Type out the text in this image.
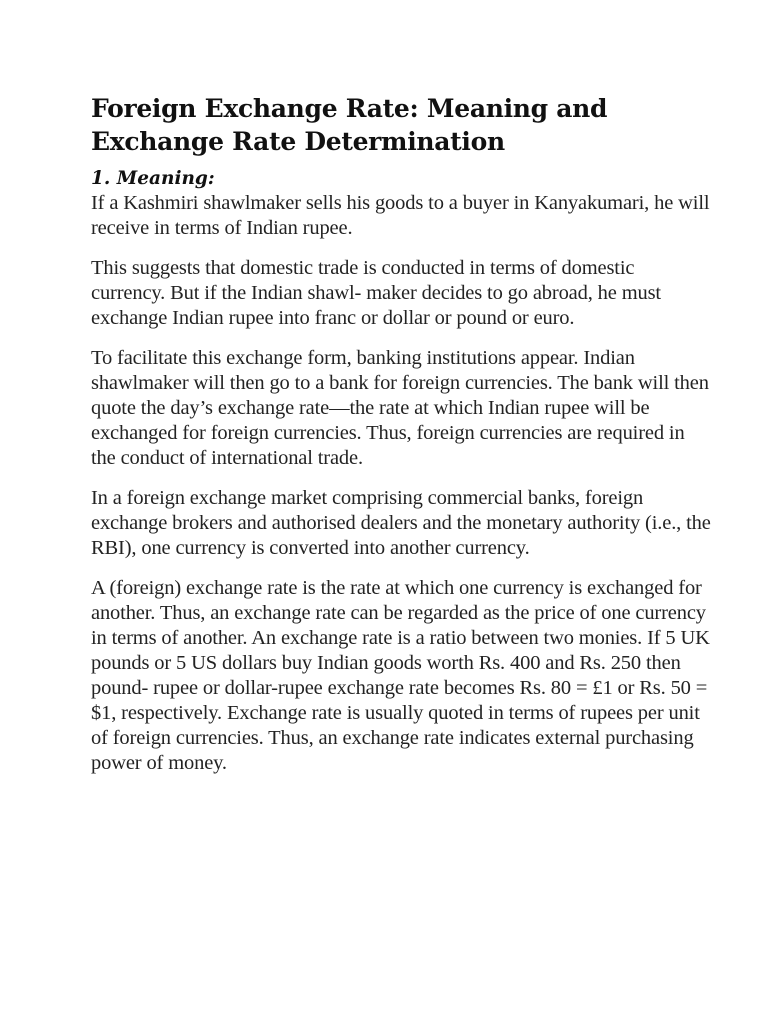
Foreign Exchange Rate: Meaning and Exchange Rate Determination
1. Meaning:

If a Kashmiri shawlmaker sells his goods to a buyer in Kanyakumari, he will receive in terms of Indian rupee.

This suggests that domestic trade is conducted in terms of domestic currency. But if the Indian shawl- maker decides to go abroad, he must exchange Indian rupee into franc or dollar or pound or euro.

To facilitate this exchange form, banking institutions appear. Indian shawlmaker will then go to a bank for foreign currencies. The bank will then quote the day’s exchange rate—the rate at which Indian rupee will be exchanged for foreign currencies. Thus, foreign currencies are required in the conduct of international trade.

In a foreign exchange market comprising commercial banks, foreign exchange brokers and authorised dealers and the monetary authority (i.e., the RBI), one currency is converted into another currency.

A (foreign) exchange rate is the rate at which one currency is exchanged for another. Thus, an exchange rate can be regarded as the price of one currency in terms of another. An exchange rate is a ratio between two monies. If 5 UK pounds or 5 US dollars buy Indian goods worth Rs. 400 and Rs. 250 then pound- rupee or dollar-rupee exchange rate becomes Rs. 80 = £1 or Rs. 50 = $1, respectively. Exchange rate is usually quoted in terms of rupees per unit of foreign currencies. Thus, an exchange rate indicates external purchasing power of money.
